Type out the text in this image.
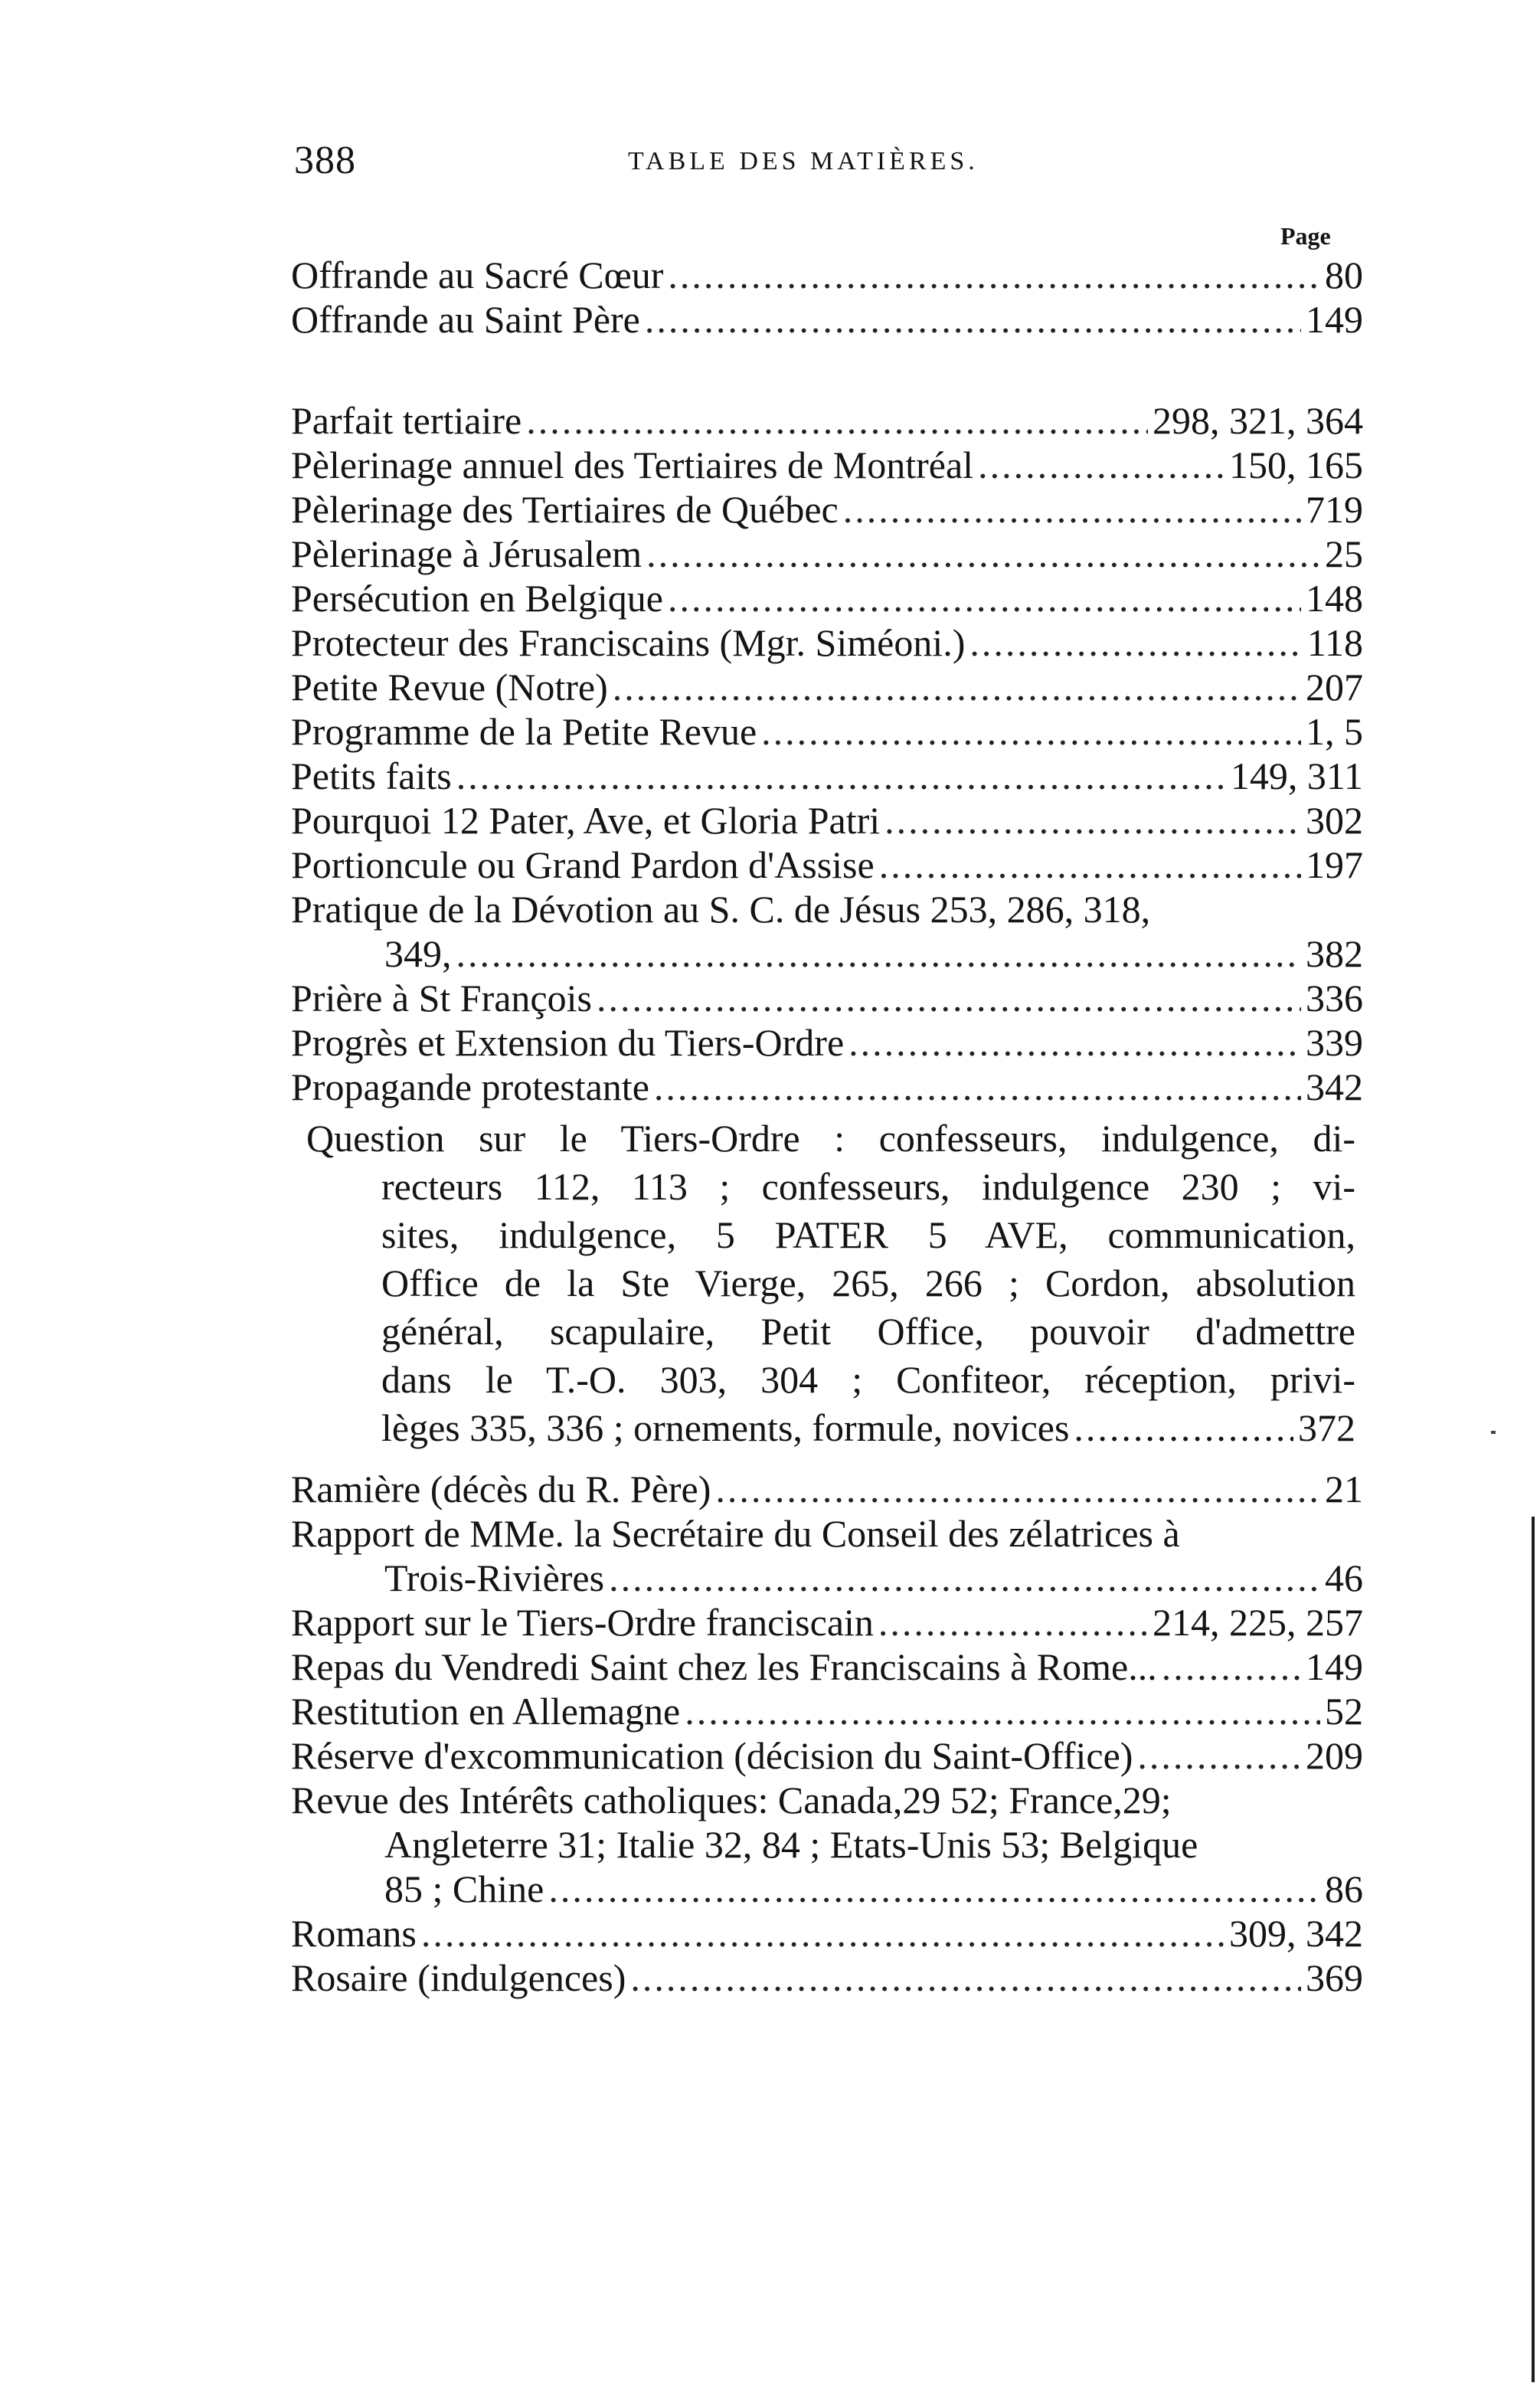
388	TABLE DES MATIÈRES.
Page
Offrande au Sacré Cœur .....	80
Offrande au Saint Père .....	149
Parfait tertiaire .....	298, 321, 364
Pèlerinage annuel des Tertiaires de Montréal .....	150, 165
Pèlerinage des Tertiaires de Québec .....	719
Pèlerinage à Jérusalem .....	25
Persécution en Belgique .....	148
Protecteur des Franciscains (Mgr. Siméoni.) .....	118
Petite Revue (Notre) .....	207
Programme de la Petite Revue .....	1, 5
Petits faits .....	149, 311
Pourquoi 12 Pater, Ave, et Gloria Patri .....	302
Portioncule ou Grand Pardon d'Assise .....	197
Pratique de la Dévotion au S. C. de Jésus 253, 286, 318,
349, .....	382
Prière à St François .....	336
Progrès et Extension du Tiers-Ordre .....	339
Propagande protestante .....	342
Question sur le Tiers-Ordre : confesseurs, indulgence, di-
recteurs 112, 113 ; confesseurs, indulgence 230 ; vi-
sites, indulgence, 5 PATER 5 AVE, communication,
Office de la Ste Vierge, 265, 266 ; Cordon, absolution
général, scapulaire, Petit Office, pouvoir d'admettre
dans le T.-O. 303, 304 ; Confiteor, réception, privi-
lèges 335, 336 ; ornements, formule, novices .....	372
Ramière (décès du R. Père) .....	21
Rapport de MMe. la Secrétaire du Conseil des zélatrices à
Trois-Rivières .....	46
Rapport sur le Tiers-Ordre franciscain .....	214, 225, 257
Repas du Vendredi Saint chez les Franciscains à Rome... .....	149
Restitution en Allemagne .....	52
Réserve d'excommunication (décision du Saint-Office) .....	209
Revue des Intérêts catholiques: Canada,29 52; France,29;
Angleterre 31; Italie 32, 84 ; Etats-Unis 53; Belgique
85 ; Chine .....	86
Romans .....	309, 342
Rosaire (indulgences) .....	369
